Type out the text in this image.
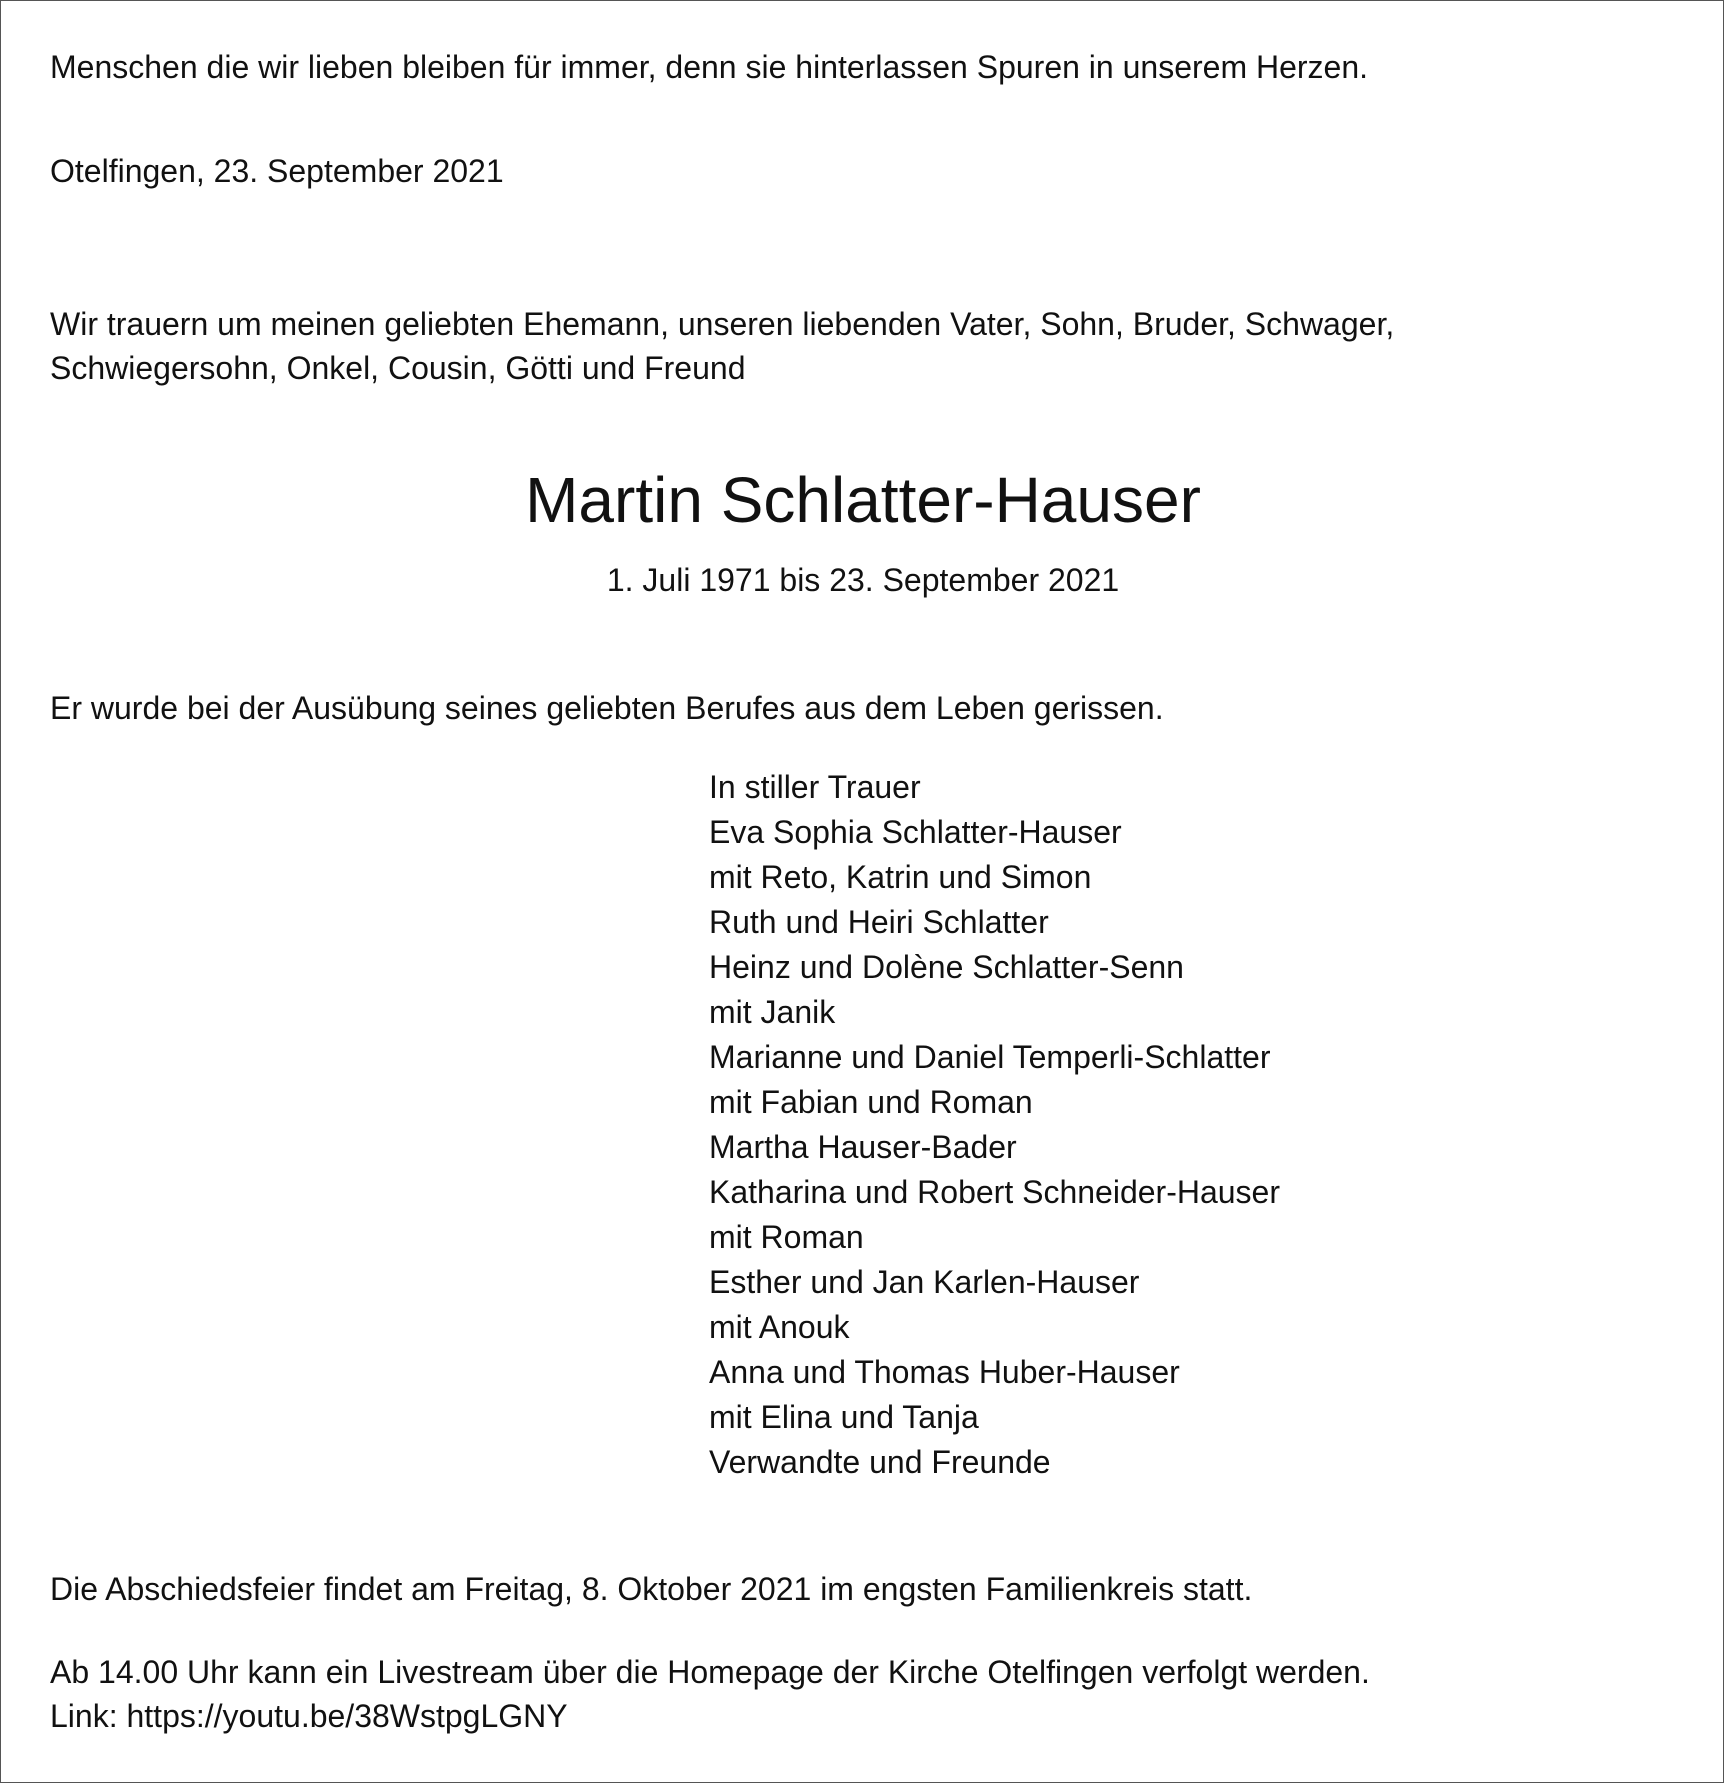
Menschen die wir lieben bleiben für immer, denn sie hinterlassen Spuren in unserem Herzen.

Otelfingen, 23. September 2021

Wir trauern um meinen geliebten Ehemann, unseren liebenden Vater, Sohn, Bruder, Schwager,

Schwiegersohn, Onkel, Cousin, Götti und Freund

Martin Schlatter-Hauser

1. Juli 1971 bis 23. September 2021

Er wurde bei der Ausübung seines geliebten Berufes aus dem Leben gerissen.

In stiller Trauer
Eva Sophia Schlatter-Hauser
mit Reto, Katrin und Simon
Ruth und Heiri Schlatter
Heinz und Dolène Schlatter-Senn
mit Janik
Marianne und Daniel Temperli-Schlatter
mit Fabian und Roman
Martha Hauser-Bader
Katharina und Robert Schneider-Hauser
mit Roman
Esther und Jan Karlen-Hauser
mit Anouk
Anna und Thomas Huber-Hauser
mit Elina und Tanja
Verwandte und Freunde

Die Abschiedsfeier findet am Freitag, 8. Oktober 2021 im engsten Familienkreis statt.

Ab 14.00 Uhr kann ein Livestream über die Homepage der Kirche Otelfingen verfolgt werden.

Link: https://youtu.be/38WstpgLGNY
